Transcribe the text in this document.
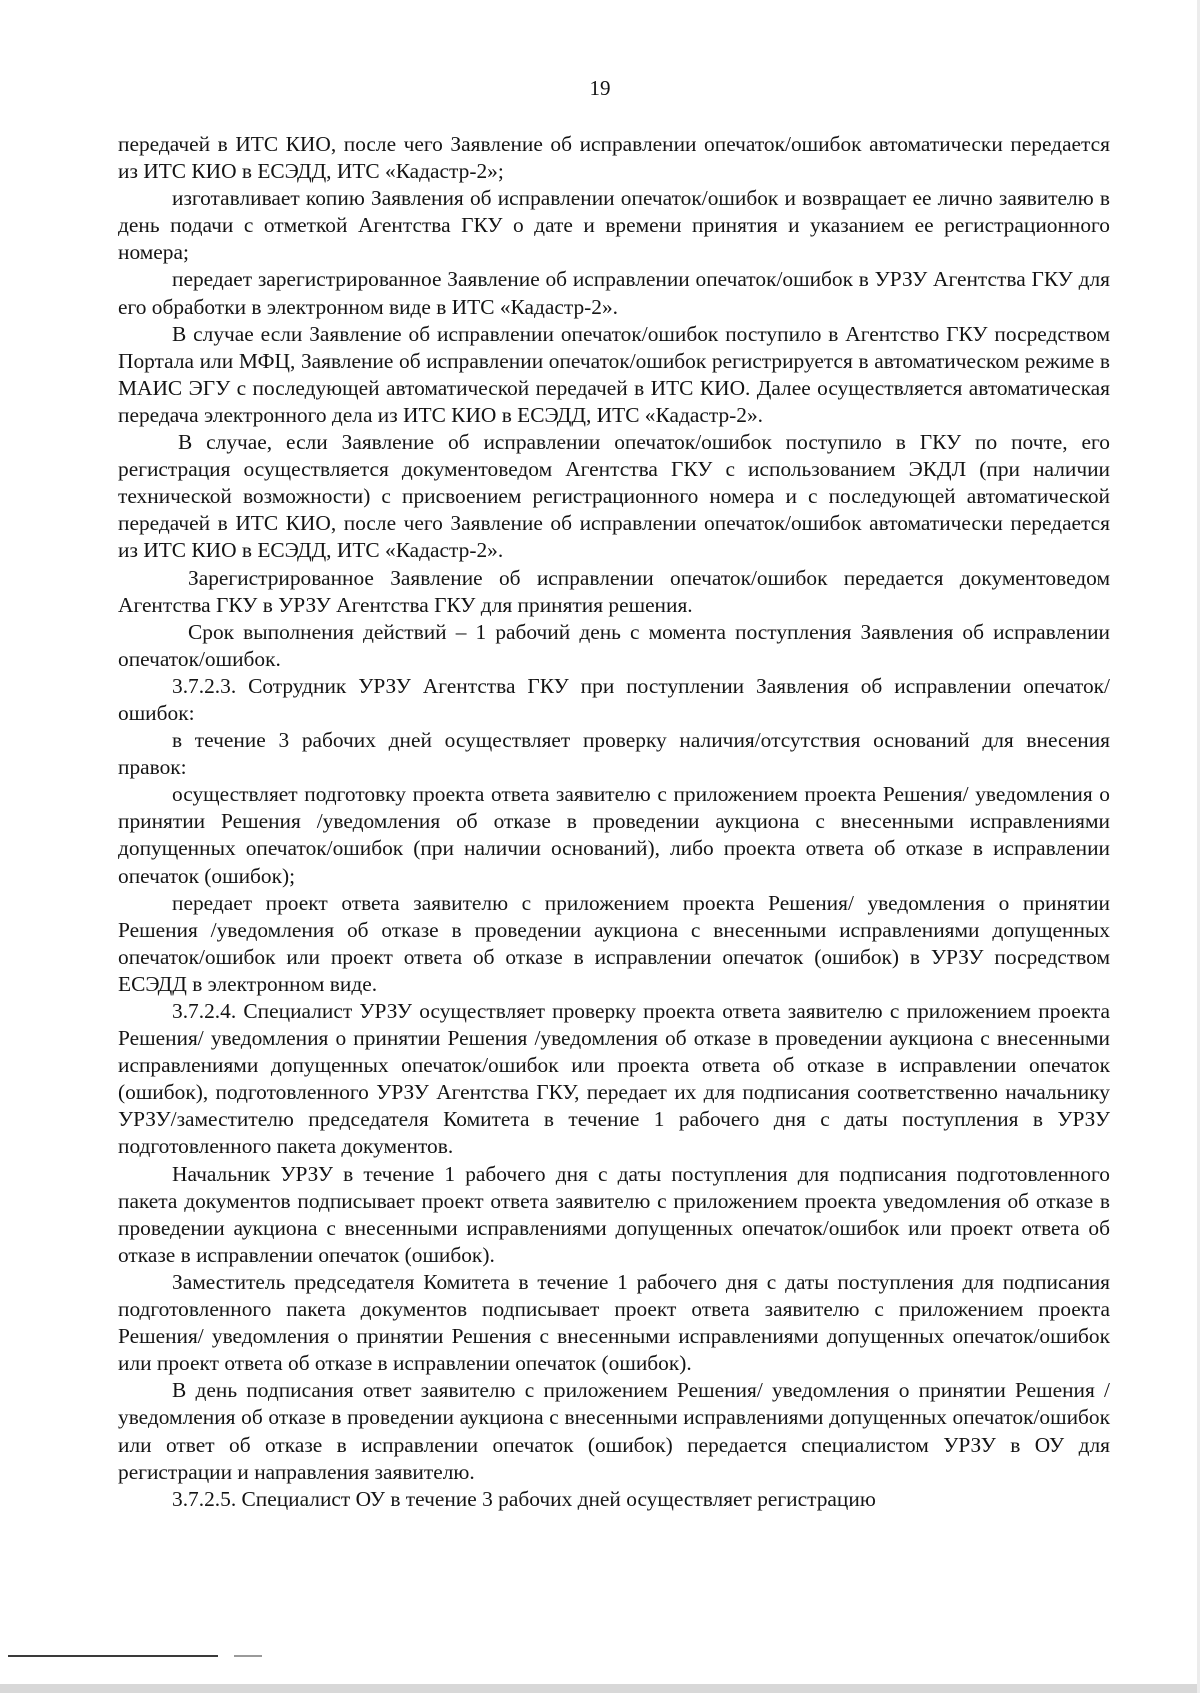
19

передачей в ИТС КИО, после чего Заявление об исправлении опечаток/ошибок автоматически передается из ИТС КИО в ЕСЭДД, ИТС «Кадастр-2»;

изготавливает копию Заявления об исправлении опечаток/ошибок и возвращает ее лично заявителю в день подачи с отметкой Агентства ГКУ о дате и времени принятия и указанием ее регистрационного номера;

передает зарегистрированное Заявление об исправлении опечаток/ошибок в УРЗУ Агентства ГКУ для его обработки в электронном виде в ИТС «Кадастр-2».

В случае если Заявление об исправлении опечаток/ошибок поступило в Агентство ГКУ посредством Портала или МФЦ, Заявление об исправлении опечаток/ошибок регистрируется в автоматическом режиме в МАИС ЭГУ с последующей автоматической передачей в ИТС КИО. Далее осуществляется автоматическая передача электронного дела из ИТС КИО в ЕСЭДД, ИТС «Кадастр-2».

В случае, если Заявление об исправлении опечаток/ошибок поступило в ГКУ по почте, его регистрация осуществляется документоведом Агентства ГКУ с использованием ЭКДЛ (при наличии технической возможности) с присвоением регистрационного номера и с последующей автоматической передачей в ИТС КИО, после чего Заявление об исправлении опечаток/ошибок автоматически передается из ИТС КИО в ЕСЭДД, ИТС «Кадастр-2».

Зарегистрированное Заявление об исправлении опечаток/ошибок передается документоведом Агентства ГКУ в УРЗУ Агентства ГКУ для принятия решения.

Срок выполнения действий – 1 рабочий день с момента поступления Заявления об исправлении опечаток/ошибок.

3.7.2.3. Сотрудник УРЗУ Агентства ГКУ при поступлении Заявления об исправлении опечаток/ошибок:

в течение 3 рабочих дней осуществляет проверку наличия/отсутствия оснований для внесения правок:

осуществляет подготовку проекта ответа заявителю с приложением проекта Решения/ уведомления о принятии Решения /уведомления об отказе в проведении аукциона с внесенными исправлениями допущенных опечаток/ошибок (при наличии оснований), либо проекта ответа об отказе в исправлении опечаток (ошибок);

передает проект ответа заявителю с приложением проекта Решения/ уведомления о принятии Решения /уведомления об отказе в проведении аукциона с внесенными исправлениями допущенных опечаток/ошибок или проект ответа об отказе в исправлении опечаток (ошибок) в УРЗУ посредством ЕСЭДД в электронном виде.

3.7.2.4. Специалист УРЗУ осуществляет проверку проекта ответа заявителю с приложением проекта Решения/ уведомления о принятии Решения /уведомления об отказе в проведении аукциона с внесенными исправлениями допущенных опечаток/ошибок или проекта ответа об отказе в исправлении опечаток (ошибок), подготовленного УРЗУ Агентства ГКУ, передает их для подписания соответственно начальнику УРЗУ/заместителю председателя Комитета в течение 1 рабочего дня с даты поступления в УРЗУ подготовленного пакета документов.

Начальник УРЗУ в течение 1 рабочего дня с даты поступления для подписания подготовленного пакета документов подписывает проект ответа заявителю с приложением проекта уведомления об отказе в проведении аукциона с внесенными исправлениями допущенных опечаток/ошибок или проект ответа об отказе в исправлении опечаток (ошибок).

Заместитель председателя Комитета в течение 1 рабочего дня с даты поступления для подписания подготовленного пакета документов подписывает проект ответа заявителю с приложением проекта Решения/ уведомления о принятии Решения с внесенными исправлениями допущенных опечаток/ошибок или проект ответа об отказе в исправлении опечаток (ошибок).

В день подписания ответ заявителю с приложением Решения/ уведомления о принятии Решения /уведомления об отказе в проведении аукциона с внесенными исправлениями допущенных опечаток/ошибок или ответ об отказе в исправлении опечаток (ошибок) передается специалистом УРЗУ в ОУ для регистрации и направления заявителю.

3.7.2.5. Специалист ОУ в течение 3 рабочих дней осуществляет регистрацию
